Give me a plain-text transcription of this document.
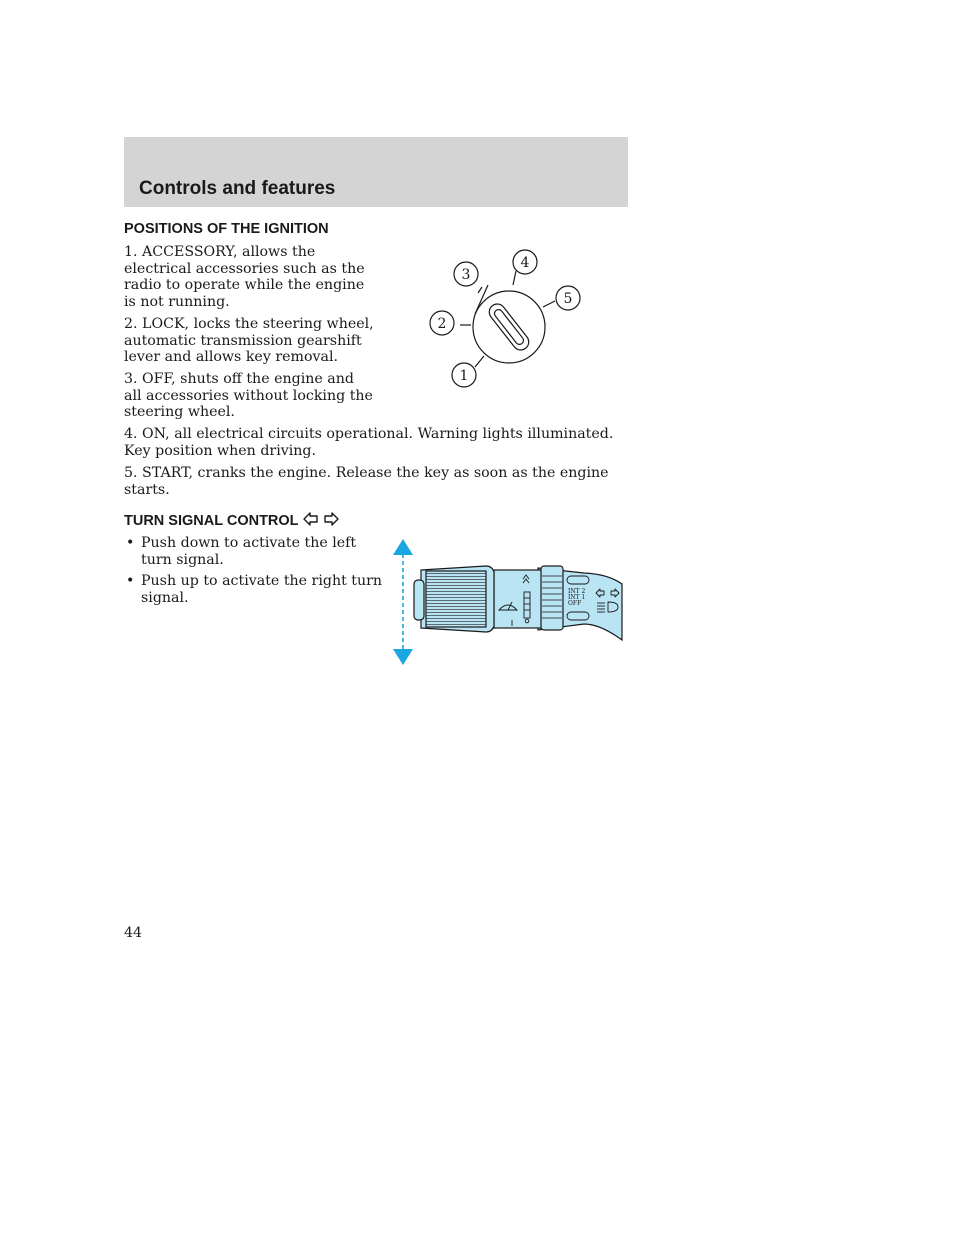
Controls and features
POSITIONS OF THE IGNITION

1. ACCESSORY, allows the electrical accessories such as the radio to operate while the engine is not running.

2. LOCK, locks the steering wheel, automatic transmission gearshift lever and allows key removal.

3. OFF, shuts off the engine and all accessories without locking the steering wheel.

4. ON, all electrical circuits operational. Warning lights illuminated. Key position when driving.

5. START, cranks the engine. Release the key as soon as the engine starts.

3
4
5
2
1
TURN SIGNAL CONTROL
• Push down to activate the left turn signal.
• Push up to activate the right turn signal.	INT 2
INT 1
OFF
44
